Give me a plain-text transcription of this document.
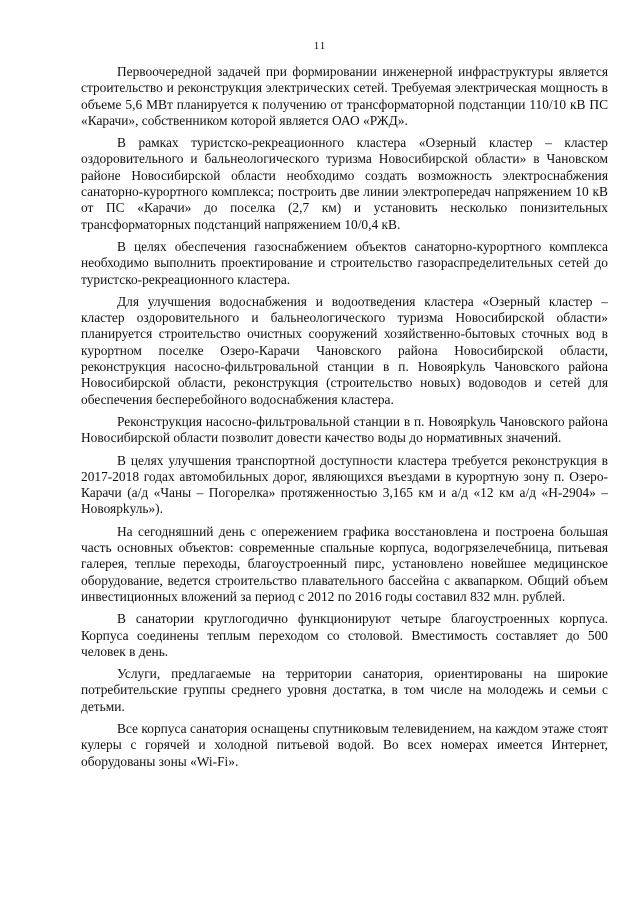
11

Первоочередной задачей при формировании инженерной инфраструктуры является строительство и реконструкция электрических сетей. Требуемая электрическая мощность в объеме 5,6 МВт планируется к получению от трансформаторной подстанции 110/10 кВ ПС «Карачи», собственником которой является ОАО «РЖД».

В рамках туристско-рекреационного кластера «Озерный кластер – кластер оздоровительного и бальнеологического туризма Новосибирской области» в Чановском районе Новосибирской области необходимо создать возможность электроснабжения санаторно-курортного комплекса; построить две линии электропередач напряжением 10 кВ от ПС «Карачи» до поселка (2,7 км) и установить несколько понизительных трансформаторных подстанций напряжением 10/0,4 кВ.

В целях обеспечения газоснабжением объектов санаторно-курортного комплекса необходимо выполнить проектирование и строительство газораспределительных сетей до туристско-рекреационного кластера.

Для улучшения водоснабжения и водоотведения кластера «Озерный кластер – кластер оздоровительного и бальнеологического туризма Новосибирской области» планируется строительство очистных сооружений хозяйственно-бытовых сточных вод в курортном поселке Озеро-Карачи Чановского района Новосибирской области, реконструкция насосно-фильтровальной станции в п. Новоярkуль Чановского района Новосибирской области, реконструкция (строительство новых) водоводов и сетей для обеспечения бесперебойного водоснабжения кластера.

Реконструкция насосно-фильтровальной станции в п. Новоярkуль Чановского района Новосибирской области позволит довести качество воды до нормативных значений.

В целях улучшения транспортной доступности кластера требуется реконструкция в 2017-2018 годах автомобильных дорог, являющихся въездами в курортную зону п. Озеро-Карачи (а/д «Чаны – Погорелка» протяженностью 3,165 км и а/д «12 км а/д «Н-2904» – Новоярkуль»).

На сегодняшний день с опережением графика восстановлена и построена большая часть основных объектов: современные спальные корпуса, водогрязелечебница, питьевая галерея, теплые переходы, благоустроенный пирс, установлено новейшее медицинское оборудование, ведется строительство плавательного бассейна с аквапарком. Общий объем инвестиционных вложений за период с 2012 по 2016 годы составил 832 млн. рублей.

В санатории круглогодично функционируют четыре благоустроенных корпуса. Корпуса соединены теплым переходом со столовой. Вместимость составляет до 500 человек в день.

Услуги, предлагаемые на территории санатория, ориентированы на широкие потребительские группы среднего уровня достатка, в том числе на молодежь и семьи с детьми.

Все корпуса санатория оснащены спутниковым телевидением, на каждом этаже стоят кулеры с горячей и холодной питьевой водой. Во всех номерах имеется Интернет, оборудованы зоны «Wi-Fi».
